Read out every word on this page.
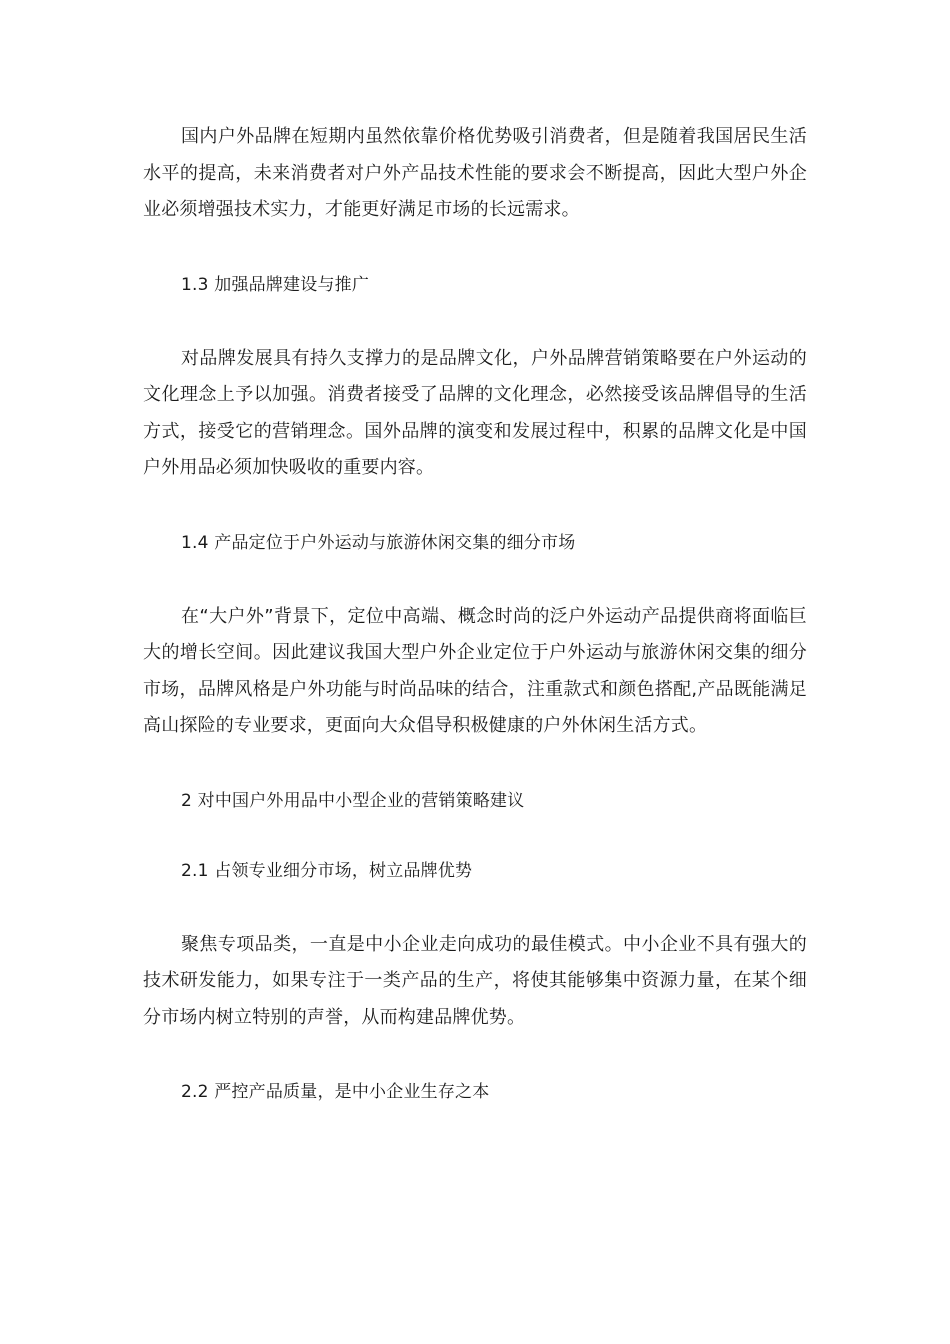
国内户外品牌在短期内虽然依靠价格优势吸引消费者，但是随着我国居民生活水平的提高，未来消费者对户外产品技术性能的要求会不断提高，因此大型户外企业必须增强技术实力，才能更好满足市场的长远需求。

1.3 加强品牌建设与推广

对品牌发展具有持久支撑力的是品牌文化，户外品牌营销策略要在户外运动的文化理念上予以加强。消费者接受了品牌的文化理念，必然接受该品牌倡导的生活方式，接受它的营销理念。国外品牌的演变和发展过程中，积累的品牌文化是中国户外用品必须加快吸收的重要内容。

1.4 产品定位于户外运动与旅游休闲交集的细分市场

在“大户外”背景下，定位中高端、概念时尚的泛户外运动产品提供商将面临巨大的增长空间。因此建议我国大型户外企业定位于户外运动与旅游休闲交集的细分市场，品牌风格是户外功能与时尚品味的结合，注重款式和颜色搭配,产品既能满足高山探险的专业要求，更面向大众倡导积极健康的户外休闲生活方式。

2 对中国户外用品中小型企业的营销策略建议

2.1 占领专业细分市场，树立品牌优势

聚焦专项品类，一直是中小企业走向成功的最佳模式。中小企业不具有强大的技术研发能力，如果专注于一类产品的生产，将使其能够集中资源力量，在某个细分市场内树立特别的声誉，从而构建品牌优势。

2.2 严控产品质量，是中小企业生存之本
